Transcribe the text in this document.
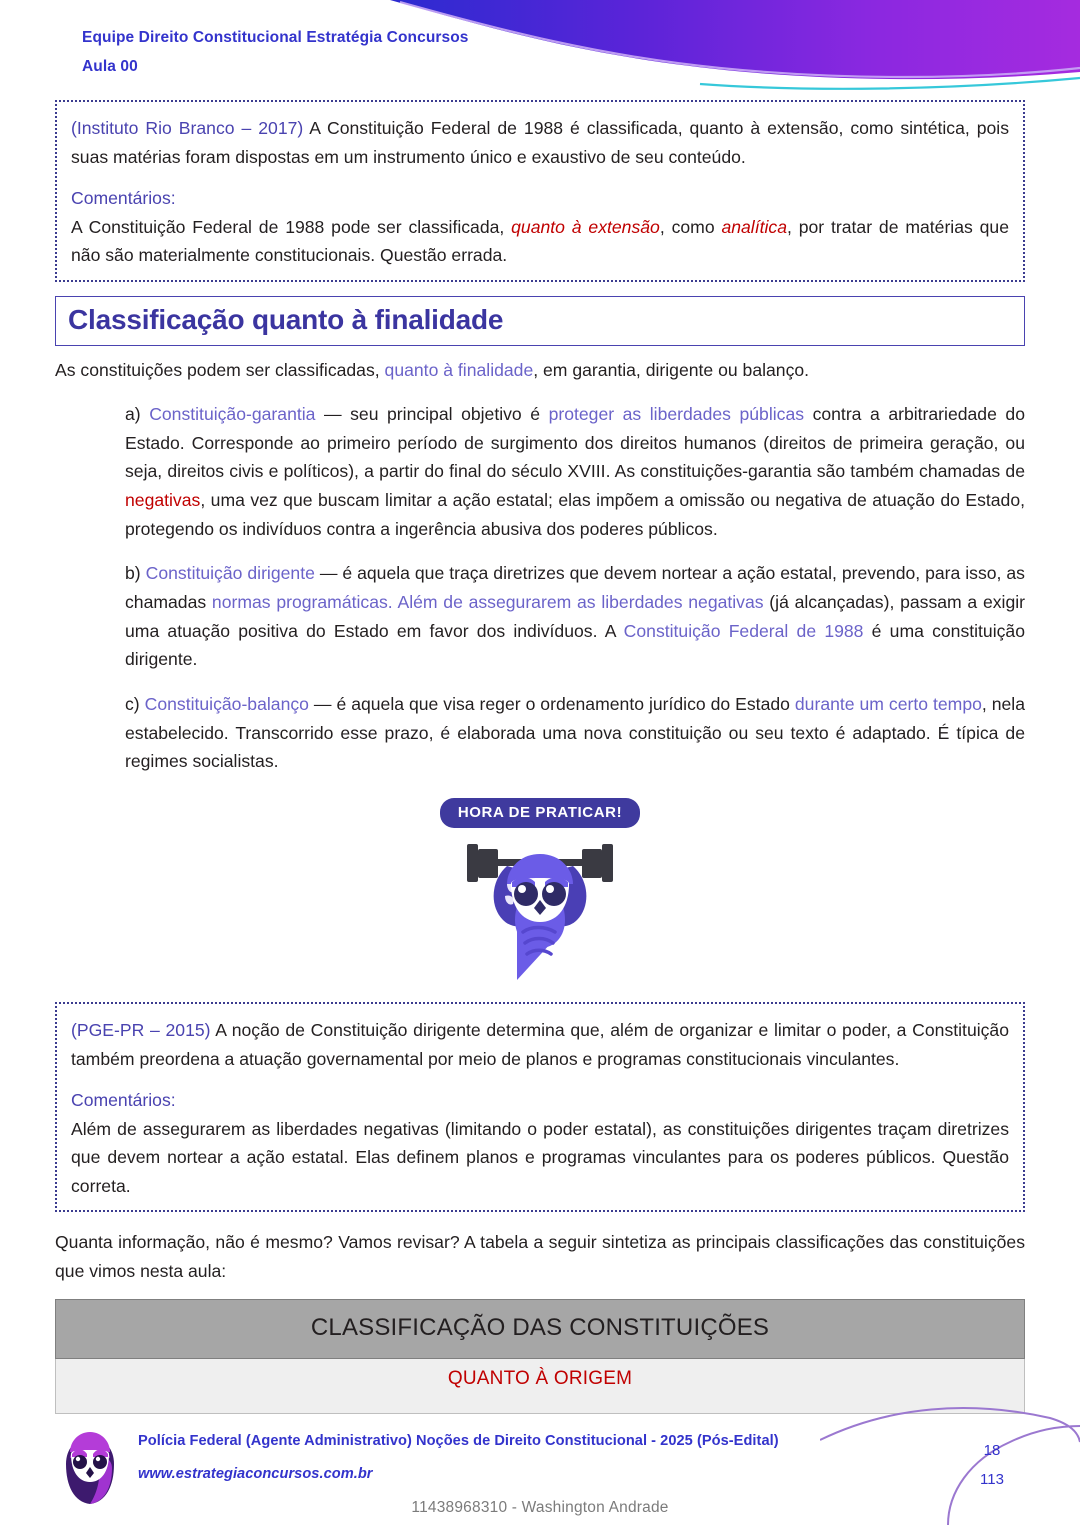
Equipe Direito Constitucional Estratégia Concursos
Aula 00

(Instituto Rio Branco – 2017) A Constituição Federal de 1988 é classificada, quanto à extensão, como sintética, pois suas matérias foram dispostas em um instrumento único e exaustivo de seu conteúdo.

Comentários:

A Constituição Federal de 1988 pode ser classificada, quanto à extensão, como analítica, por tratar de matérias que não são materialmente constitucionais. Questão errada.

Classificação quanto à finalidade

As constituições podem ser classificadas, quanto à finalidade, em garantia, dirigente ou balanço.

a) Constituição-garantia — seu principal objetivo é proteger as liberdades públicas contra a arbitrariedade do Estado. Corresponde ao primeiro período de surgimento dos direitos humanos (direitos de primeira geração, ou seja, direitos civis e políticos), a partir do final do século XVIII. As constituições-garantia são também chamadas de negativas, uma vez que buscam limitar a ação estatal; elas impõem a omissão ou negativa de atuação do Estado, protegendo os indivíduos contra a ingerência abusiva dos poderes públicos.

b) Constituição dirigente — é aquela que traça diretrizes que devem nortear a ação estatal, prevendo, para isso, as chamadas normas programáticas. Além de assegurarem as liberdades negativas (já alcançadas), passam a exigir uma atuação positiva do Estado em favor dos indivíduos. A Constituição Federal de 1988 é uma constituição dirigente.

c) Constituição-balanço — é aquela que visa reger o ordenamento jurídico do Estado durante um certo tempo, nela estabelecido. Transcorrido esse prazo, é elaborada uma nova constituição ou seu texto é adaptado. É típica de regimes socialistas.

HORA DE PRATICAR!

(PGE-PR – 2015) A noção de Constituição dirigente determina que, além de organizar e limitar o poder, a Constituição também preordena a atuação governamental por meio de planos e programas constitucionais vinculantes.

Comentários:

Além de assegurarem as liberdades negativas (limitando o poder estatal), as constituições dirigentes traçam diretrizes que devem nortear a ação estatal. Elas definem planos e programas vinculantes para os poderes públicos. Questão correta.

Quanta informação, não é mesmo? Vamos revisar? A tabela a seguir sintetiza as principais classificações das constituições que vimos nesta aula:

CLASSIFICAÇÃO DAS CONSTITUIÇÕES
QUANTO À ORIGEM
Polícia Federal (Agente Administrativo) Noções de Direito Constitucional - 2025 (Pós-Edital)
www.estrategiaconcursos.com.br
18
113
11438968310 - Washington Andrade
